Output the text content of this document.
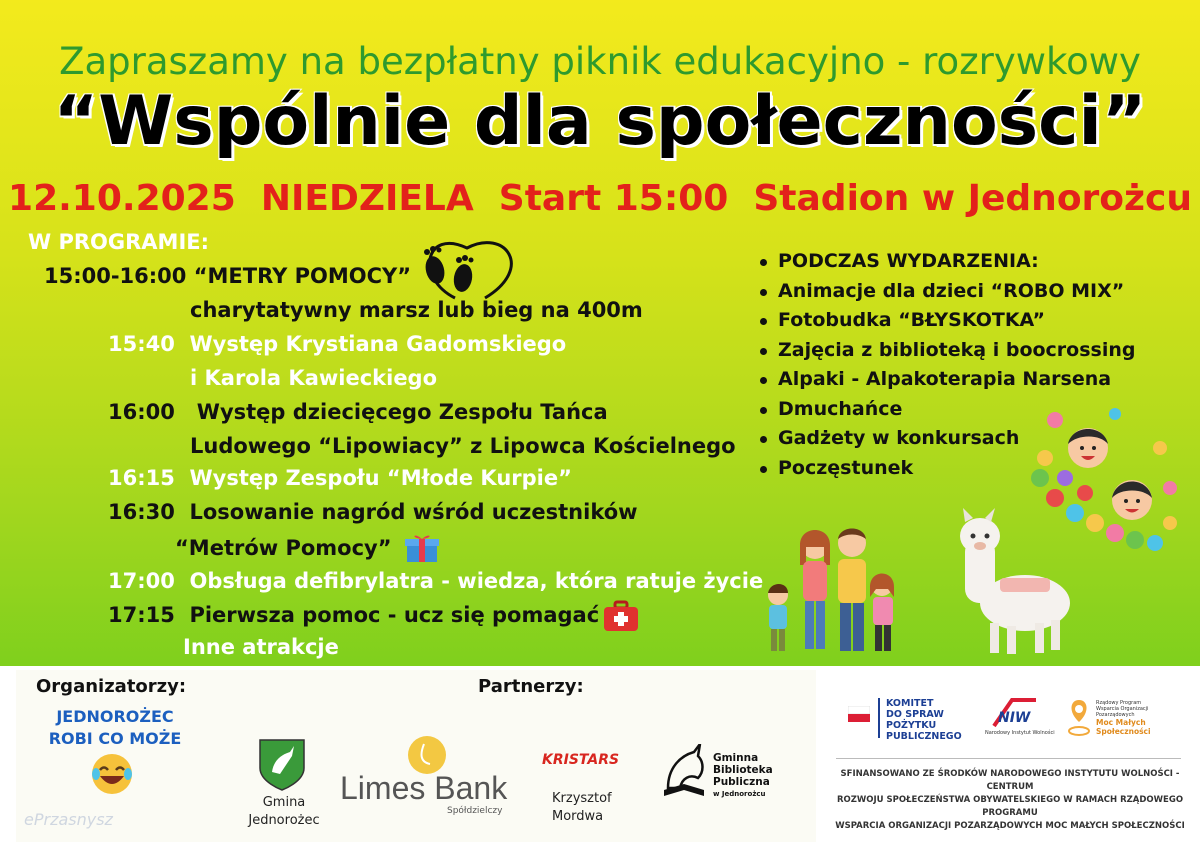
Zapraszamy na bezpłatny piknik edukacyjno - rozrywkowy
“Wspólnie dla społeczności”
12.10.2025  NIEDZIELA  Start 15:00  Stadion w Jednorożcu
W PROGRAMIE:
15:00-16:00 “METRY POMOCY”
charytatywny marsz lub bieg na 400m
15:40  Występ Krystiana Gadomskiego
i Karola Kawieckiego
16:00   Występ dziecięcego Zespołu Tańca
Ludowego “Lipowiacy” z Lipowca Kościelnego
16:15  Występ Zespołu “Młode Kurpie”
16:30  Losowanie nagród wśród uczestników
“Metrów Pomocy”
17:00  Obsługa defibrylatra - wiedza, która ratuje życie
17:15  Pierwsza pomoc - ucz się pomagać
Inne atrakcje
PODCZAS WYDARZENIA:
Animacje dla dzieci “ROBO MIX”
Fotobudka “BŁYSKOTKA”
Zajęcia z biblioteką i boocrossing
Alpaki - Alpakoterapia Narsena
Dmuchańce
Gadżety w konkursach
Poczęstunek
Organizatorzy:	Partnerzy:
JEDNOROŻEC
ROBI CO MOŻE
Gmina
Jednorożec
Limes Bank
Spółdzielczy
KRISTARS
Krzysztof
Mordwa
Gminna
Biblioteka
Publiczna
w Jednorożcu
KOMITET
DO SPRAW
POŻYTKU
PUBLICZNEGO
NIW
Narodowy Instytut Wolności
Rządowy Program
Wsparcia Organizacji
Pozarządowych
Moc Małych
Społeczności
SFINANSOWANO ZE ŚRODKÓW NARODOWEGO INSTYTUTU WOLNOŚCI - CENTRUM
ROZWOJU SPOŁECZEŃSTWA OBYWATELSKIEGO W RAMACH RZĄDOWEGO PROGRAMU
WSPARCIA ORGANIZACJI POZARZĄDOWYCH MOC MAŁYCH SPOŁECZNOŚCI
ePrzasnysz
